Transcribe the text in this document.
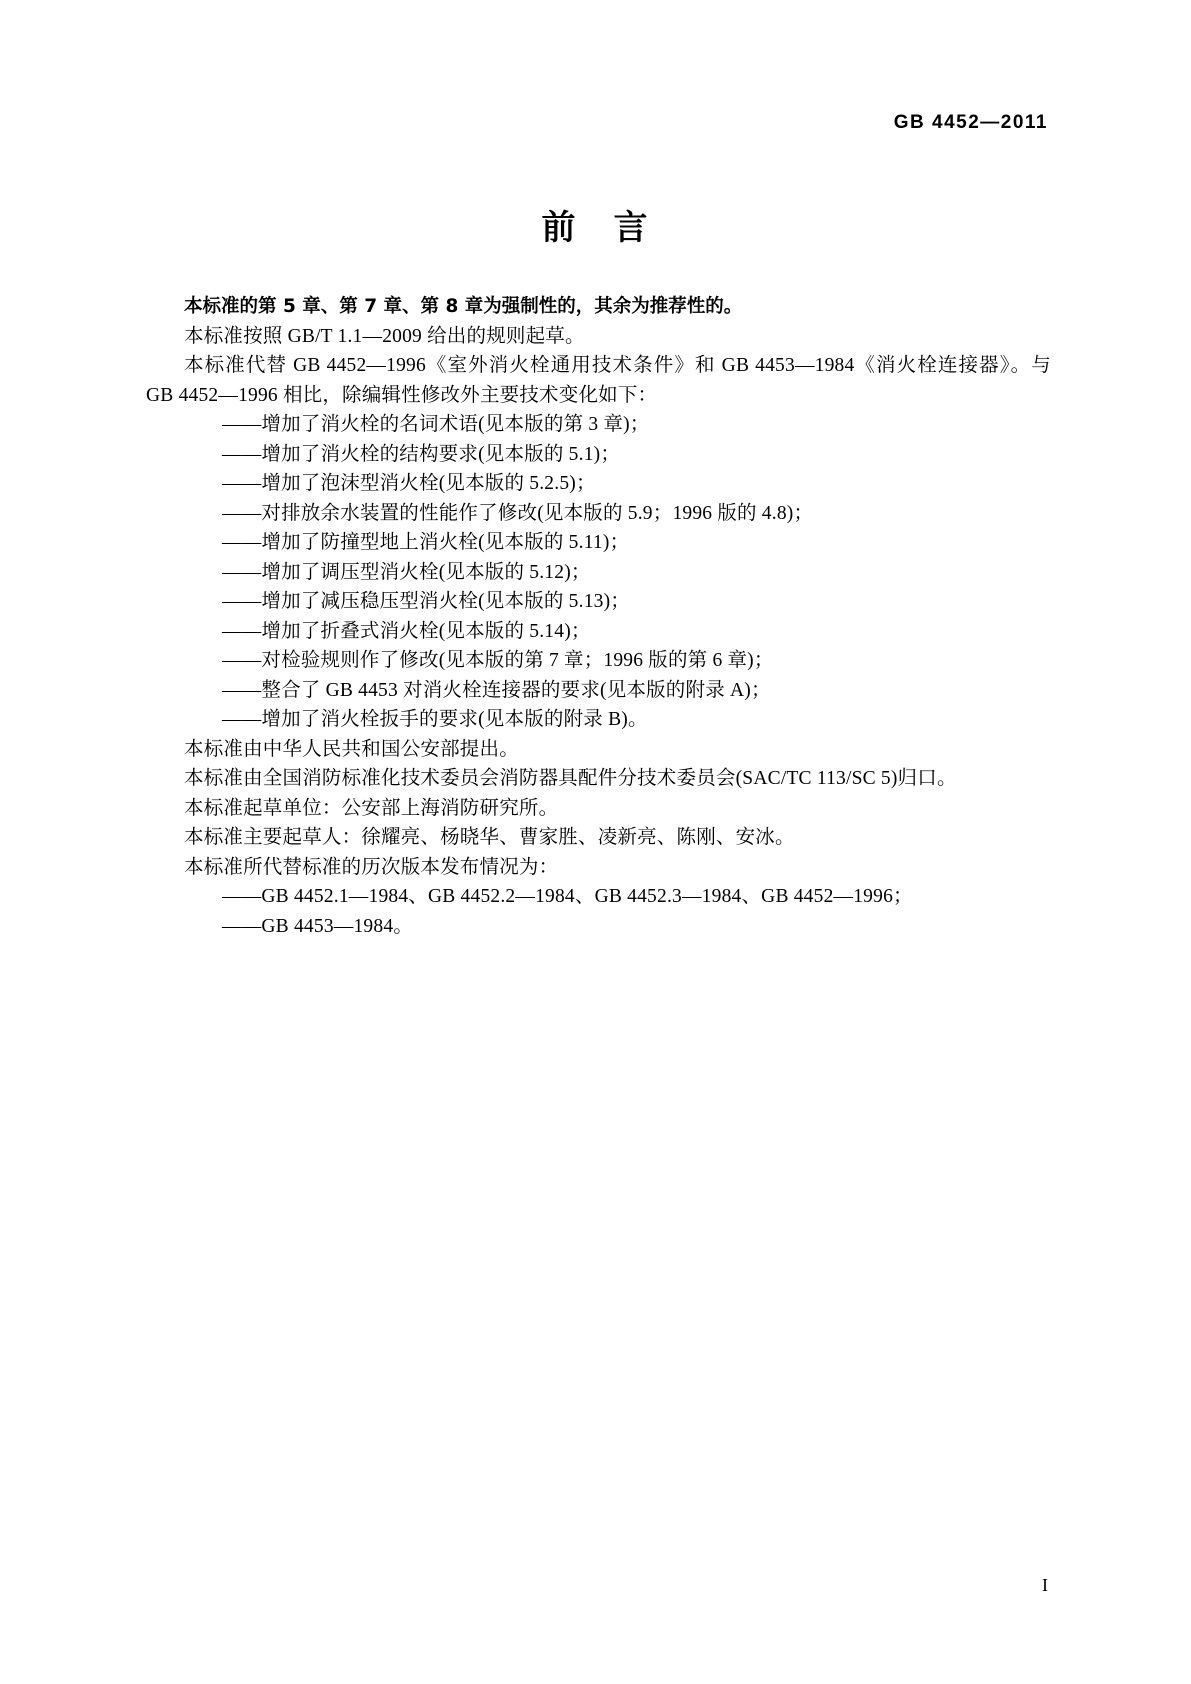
GB 4452—2011
前 言

本标准的第 5 章、第 7 章、第 8 章为强制性的，其余为推荐性的。

本标准按照 GB/T 1.1—2009 给出的规则起草。

本标准代替 GB 4452—1996《室外消火栓通用技术条件》和 GB 4453—1984《消火栓连接器》。与 GB 4452—1996 相比，除编辑性修改外主要技术变化如下：

——增加了消火栓的名词术语(见本版的第 3 章)；

——增加了消火栓的结构要求(见本版的 5.1)；

——增加了泡沫型消火栓(见本版的 5.2.5)；

——对排放余水装置的性能作了修改(见本版的 5.9；1996 版的 4.8)；

——增加了防撞型地上消火栓(见本版的 5.11)；

——增加了调压型消火栓(见本版的 5.12)；

——增加了减压稳压型消火栓(见本版的 5.13)；

——增加了折叠式消火栓(见本版的 5.14)；

——对检验规则作了修改(见本版的第 7 章；1996 版的第 6 章)；

——整合了 GB 4453 对消火栓连接器的要求(见本版的附录 A)；

——增加了消火栓扳手的要求(见本版的附录 B)。

本标准由中华人民共和国公安部提出。

本标准由全国消防标准化技术委员会消防器具配件分技术委员会(SAC/TC 113/SC 5)归口。

本标准起草单位：公安部上海消防研究所。

本标准主要起草人：徐耀亮、杨晓华、曹家胜、凌新亮、陈刚、安冰。

本标准所代替标准的历次版本发布情况为：

——GB 4452.1—1984、GB 4452.2—1984、GB 4452.3—1984、GB 4452—1996；

——GB 4453—1984。

I
